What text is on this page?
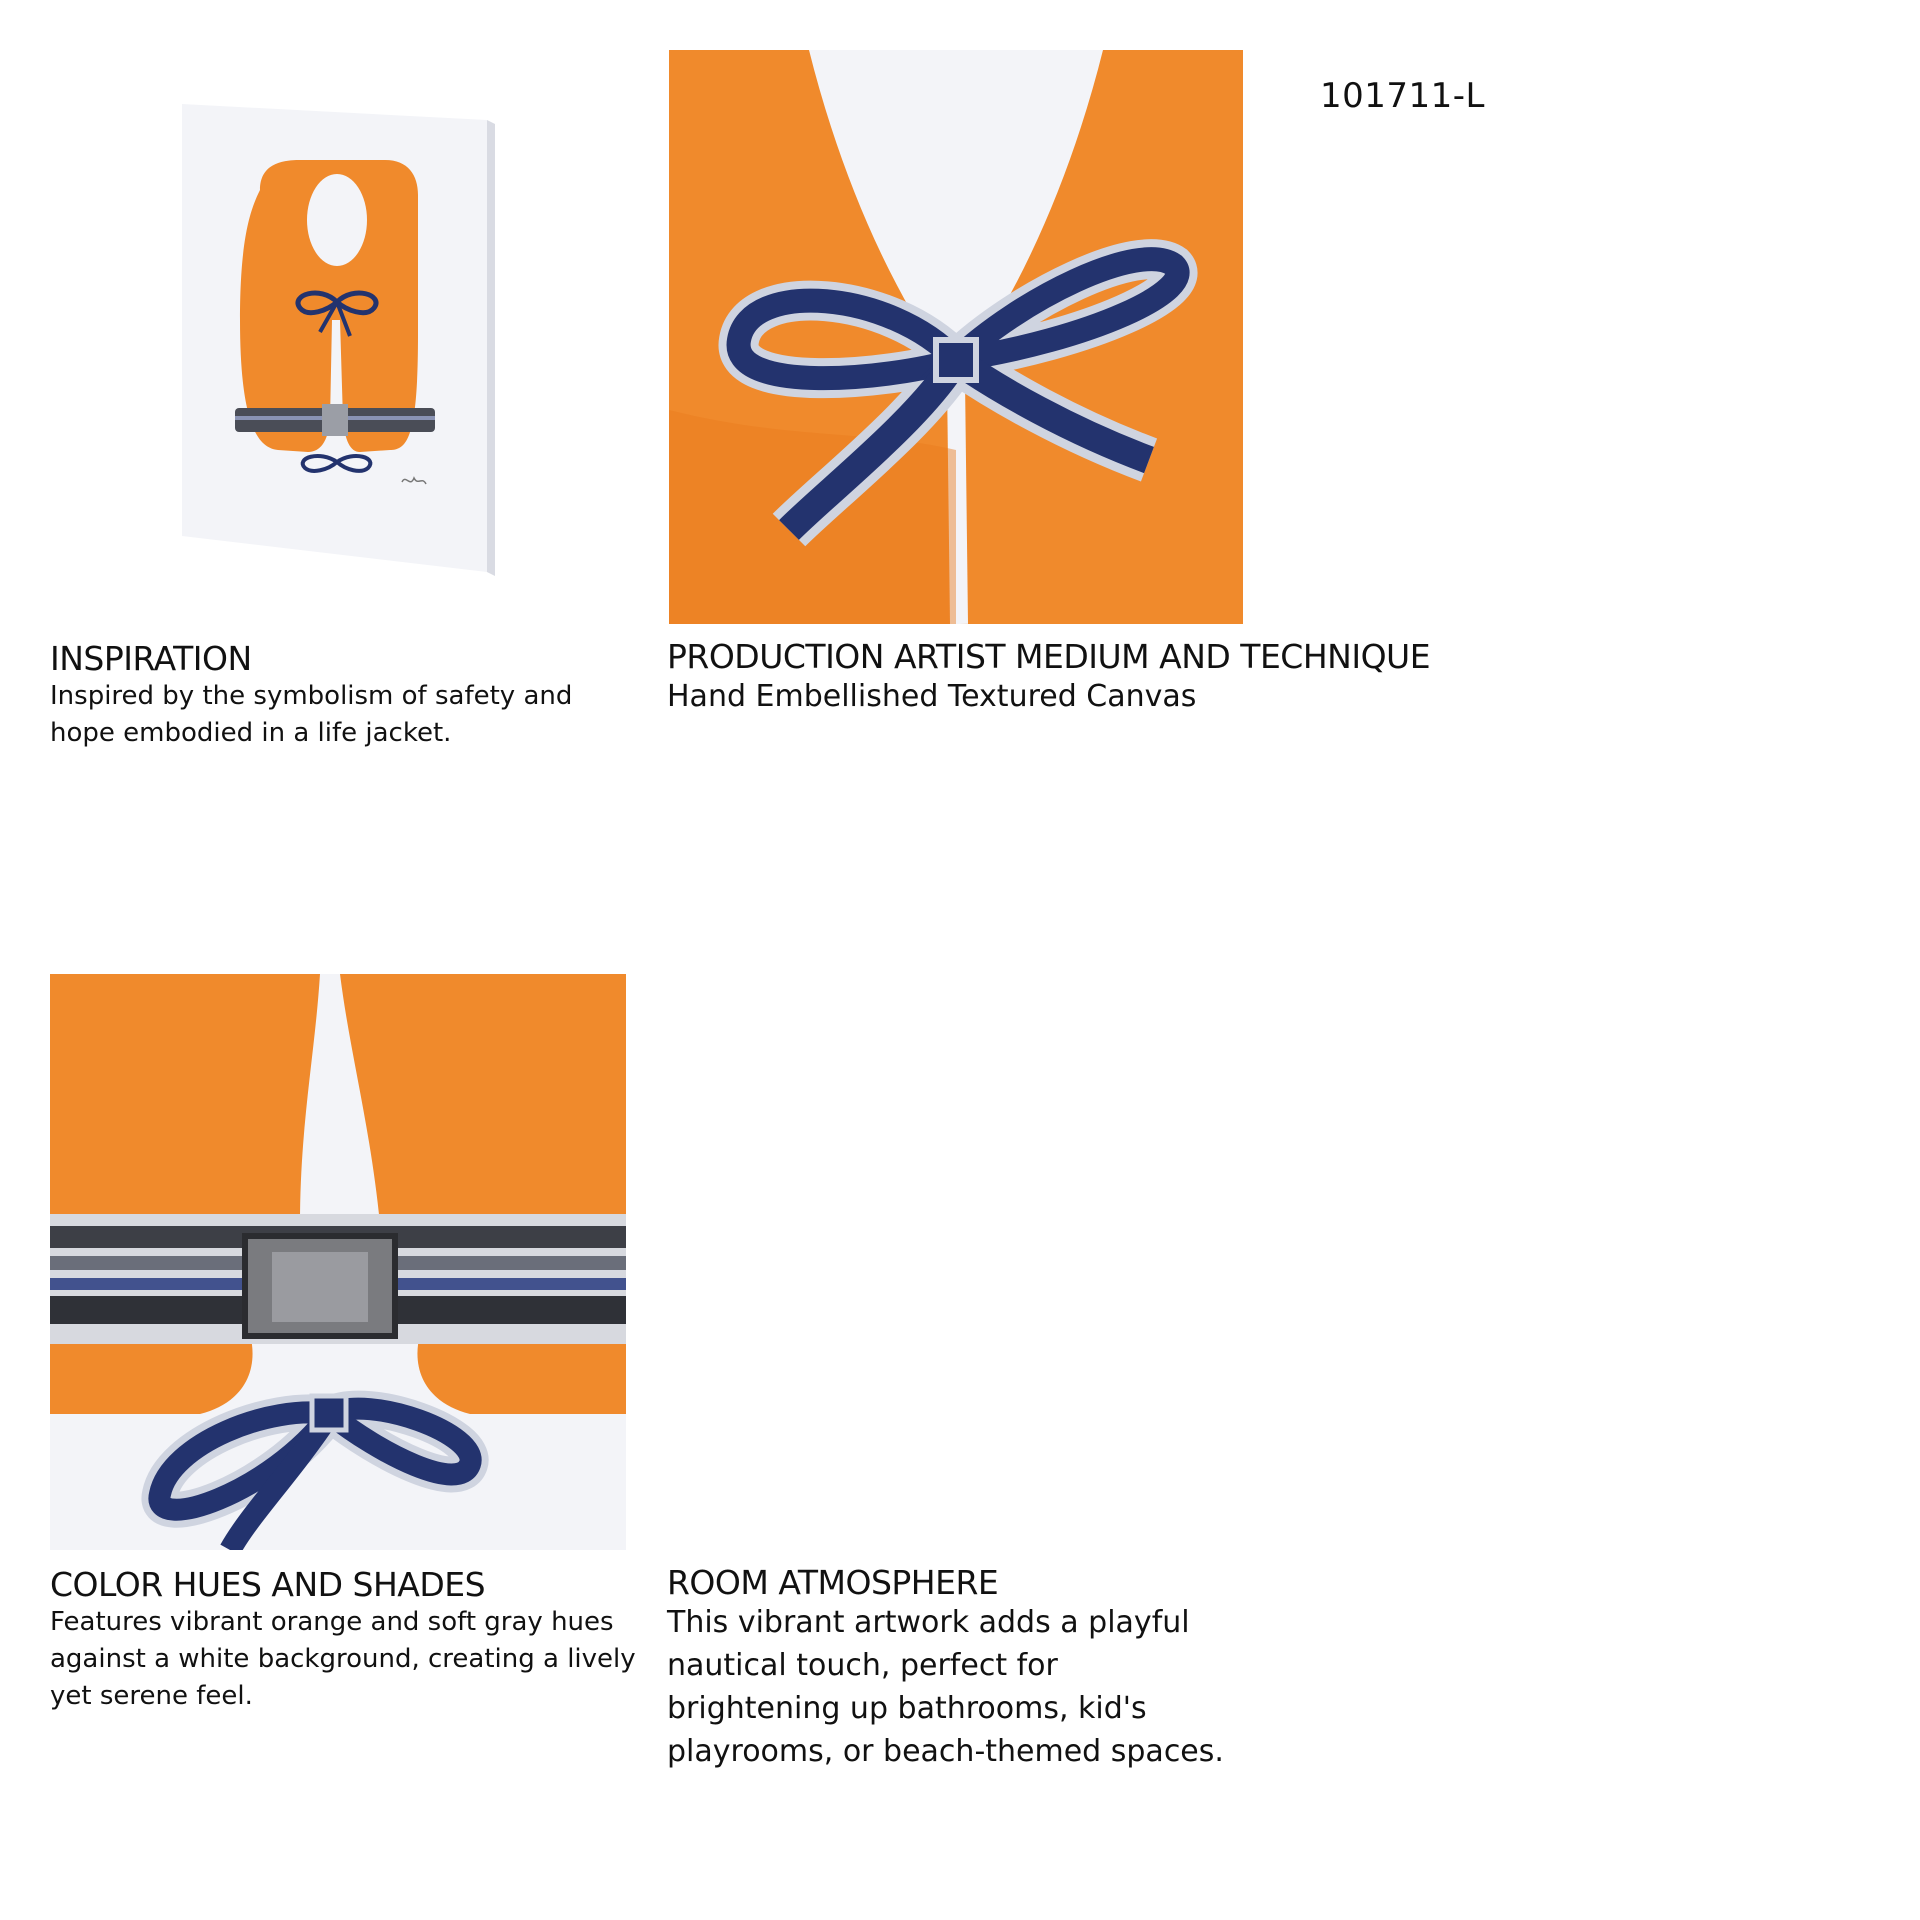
101711-L
INSPIRATION

Inspired by the symbolism of safety and hope embodied in a life jacket.

PRODUCTION ARTIST MEDIUM AND TECHNIQUE

Hand Embellished Textured Canvas

COLOR HUES AND SHADES

Features vibrant orange and soft gray hues against a white background, creating a lively yet serene feel.

ROOM ATMOSPHERE

This vibrant artwork adds a playful nautical touch, perfect for brightening up bathrooms, kid's playrooms, or beach-themed spaces.
